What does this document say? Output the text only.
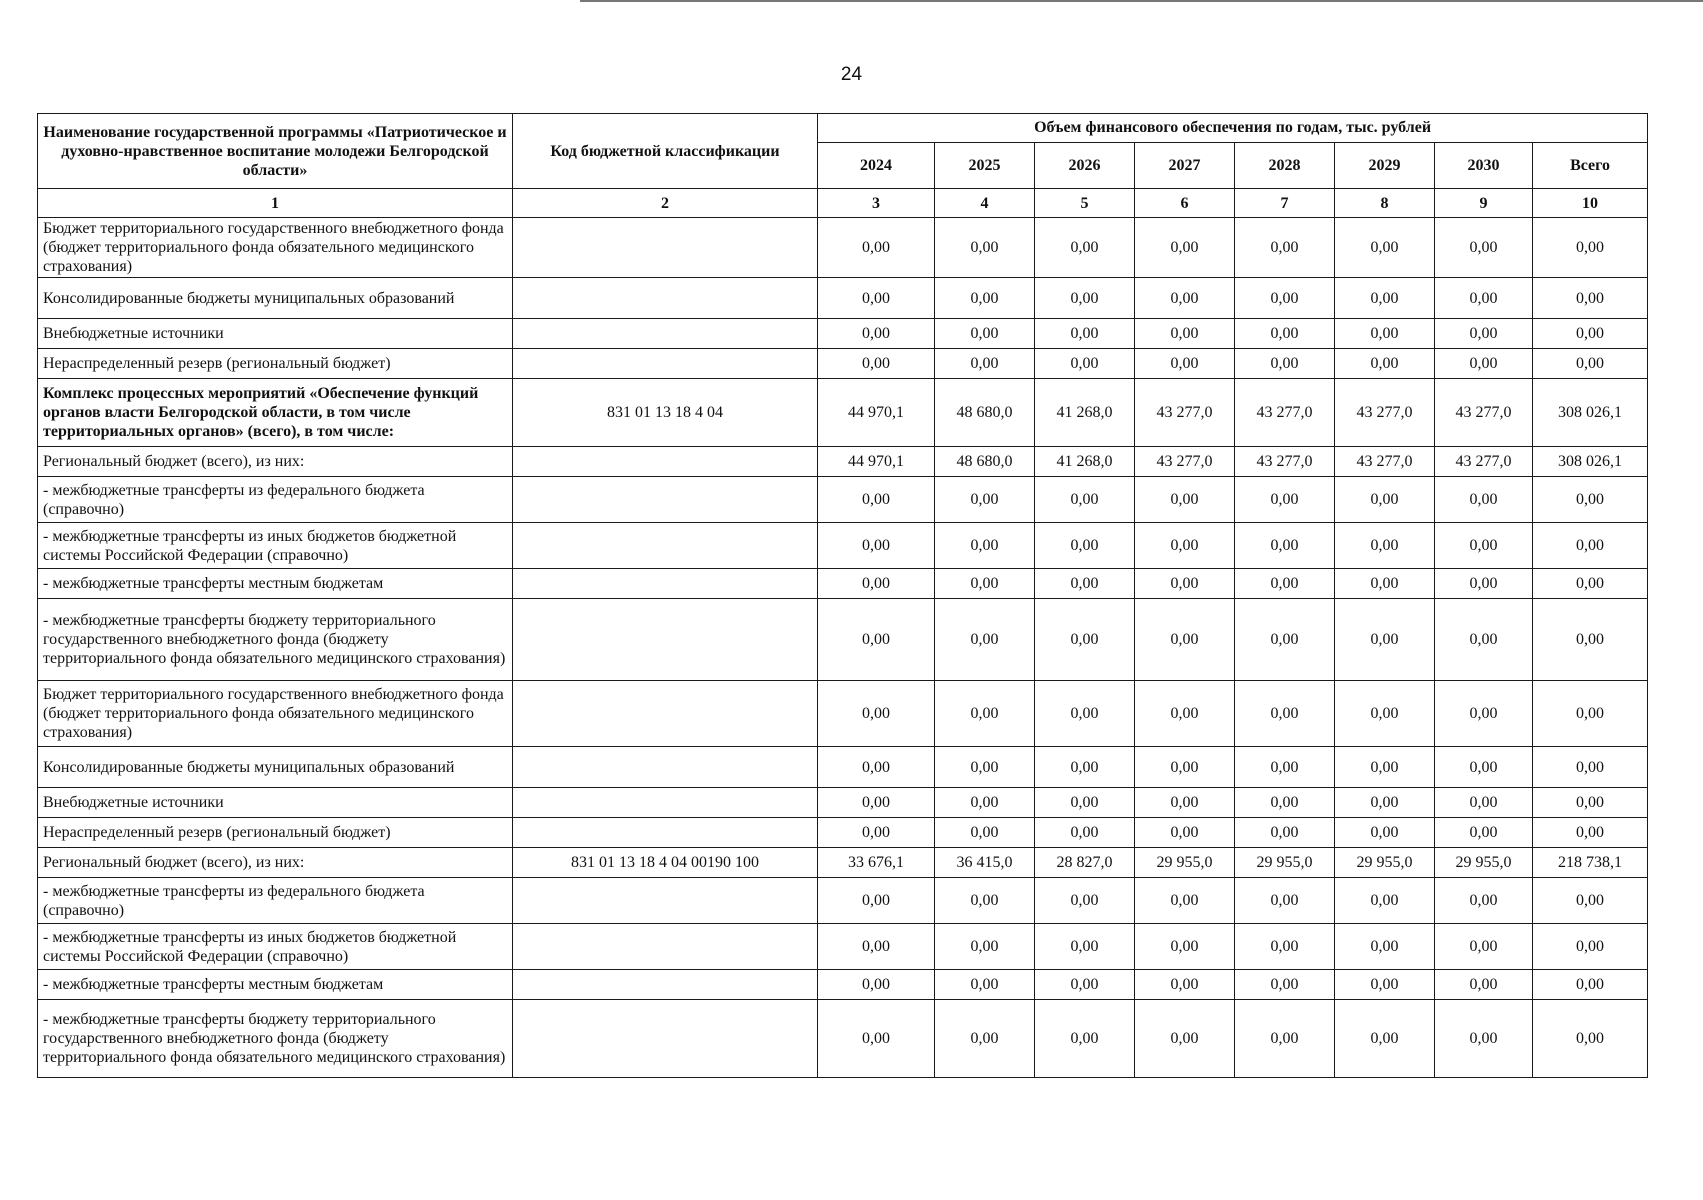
24
Наименование государственной программы «Патриотическое и духовно-нравственное воспитание молодежи Белгородской области»	Код бюджетной классификации	Объем финансового обеспечения по годам, тыс. рублей							
		2024	2025	2026	2027	2028	2029	2030	Всего
1	2	3	4	5	6	7	8	9	10
Бюджет территориального государственного внебюджетного фонда (бюджет территориального фонда обязательного медицинского страхования)		0,00	0,00	0,00	0,00	0,00	0,00	0,00	0,00
Консолидированные бюджеты муниципальных образований		0,00	0,00	0,00	0,00	0,00	0,00	0,00	0,00
Внебюджетные источники		0,00	0,00	0,00	0,00	0,00	0,00	0,00	0,00
Нераспределенный резерв (региональный бюджет)		0,00	0,00	0,00	0,00	0,00	0,00	0,00	0,00
Комплекс процессных мероприятий «Обеспечение функций органов власти Белгородской области, в том числе территориальных органов» (всего), в том числе:	831 01 13 18 4 04	44 970,1	48 680,0	41 268,0	43 277,0	43 277,0	43 277,0	43 277,0	308 026,1
Региональный бюджет (всего), из них:		44 970,1	48 680,0	41 268,0	43 277,0	43 277,0	43 277,0	43 277,0	308 026,1
- межбюджетные трансферты из федерального бюджета (справочно)		0,00	0,00	0,00	0,00	0,00	0,00	0,00	0,00
- межбюджетные трансферты из иных бюджетов бюджетной системы Российской Федерации (справочно)		0,00	0,00	0,00	0,00	0,00	0,00	0,00	0,00
- межбюджетные трансферты местным бюджетам		0,00	0,00	0,00	0,00	0,00	0,00	0,00	0,00
- межбюджетные трансферты бюджету территориального государственного внебюджетного фонда (бюджету территориального фонда обязательного медицинского страхования)		0,00	0,00	0,00	0,00	0,00	0,00	0,00	0,00
Бюджет территориального государственного внебюджетного фонда (бюджет территориального фонда обязательного медицинского страхования)		0,00	0,00	0,00	0,00	0,00	0,00	0,00	0,00
Консолидированные бюджеты муниципальных образований		0,00	0,00	0,00	0,00	0,00	0,00	0,00	0,00
Внебюджетные источники		0,00	0,00	0,00	0,00	0,00	0,00	0,00	0,00
Нераспределенный резерв (региональный бюджет)		0,00	0,00	0,00	0,00	0,00	0,00	0,00	0,00
Региональный бюджет (всего), из них:	831 01 13 18 4 04 00190 100	33 676,1	36 415,0	28 827,0	29 955,0	29 955,0	29 955,0	29 955,0	218 738,1
- межбюджетные трансферты из федерального бюджета (справочно)		0,00	0,00	0,00	0,00	0,00	0,00	0,00	0,00
- межбюджетные трансферты из иных бюджетов бюджетной системы Российской Федерации (справочно)		0,00	0,00	0,00	0,00	0,00	0,00	0,00	0,00
- межбюджетные трансферты местным бюджетам		0,00	0,00	0,00	0,00	0,00	0,00	0,00	0,00
- межбюджетные трансферты бюджету территориального государственного внебюджетного фонда (бюджету территориального фонда обязательного медицинского страхования)		0,00	0,00	0,00	0,00	0,00	0,00	0,00	0,00
